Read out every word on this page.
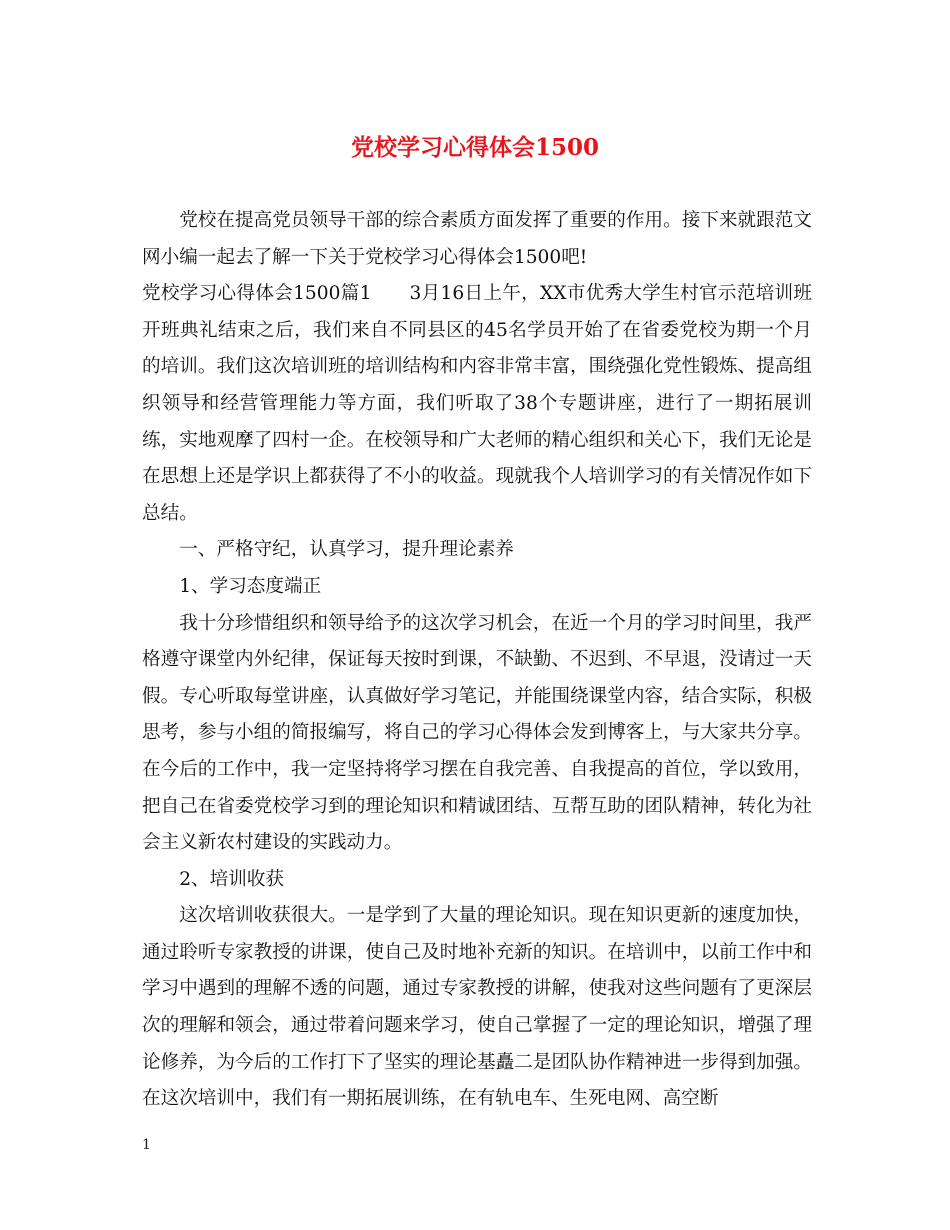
党校学习心得体会1500

党校在提高党员领导干部的综合素质方面发挥了重要的作用。接下来就跟范文网小编一起去了解一下关于党校学习心得体会1500吧!

党校学习心得体会1500篇1　　3月16日上午，XX市优秀大学生村官示范培训班开班典礼结束之后，我们来自不同县区的45名学员开始了在省委党校为期一个月的培训。我们这次培训班的培训结构和内容非常丰富，围绕强化党性锻炼、提高组织领导和经营管理能力等方面，我们听取了38个专题讲座，进行了一期拓展训练，实地观摩了四村一企。在校领导和广大老师的精心组织和关心下，我们无论是在思想上还是学识上都获得了不小的收益。现就我个人培训学习的有关情况作如下总结。

一、严格守纪，认真学习，提升理论素养

1、学习态度端正

我十分珍惜组织和领导给予的这次学习机会，在近一个月的学习时间里，我严格遵守课堂内外纪律，保证每天按时到课，不缺勤、不迟到、不早退，没请过一天假。专心听取每堂讲座，认真做好学习笔记，并能围绕课堂内容，结合实际，积极思考，参与小组的简报编写，将自己的学习心得体会发到博客上，与大家共分享。在今后的工作中，我一定坚持将学习摆在自我完善、自我提高的首位，学以致用，把自己在省委党校学习到的理论知识和精诚团结、互帮互助的团队精神，转化为社会主义新农村建设的实践动力。

2、培训收获

这次培训收获很大。一是学到了大量的理论知识。现在知识更新的速度加快，通过聆听专家教授的讲课，使自己及时地补充新的知识。在培训中，以前工作中和学习中遇到的理解不透的问题，通过专家教授的讲解，使我对这些问题有了更深层次的理解和领会，通过带着问题来学习，使自己掌握了一定的理论知识，增强了理论修养，为今后的工作打下了坚实的理论基矗二是团队协作精神进一步得到加强。在这次培训中，我们有一期拓展训练，在有轨电车、生死电网、高空断

1
